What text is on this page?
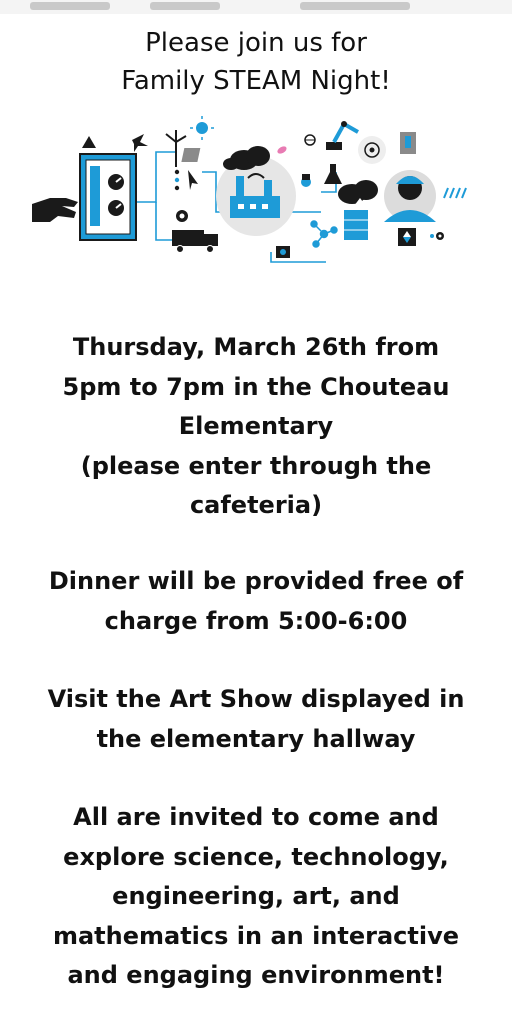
Please join us for
Family STEAM Night!
Thursday, March 26th from
5pm to 7pm in the Chouteau
Elementary
(please enter through the
cafeteria)
Dinner will be provided free of
charge from 5:00-6:00
Visit the Art Show displayed in
the elementary hallway
All are invited to come and
explore science, technology,
engineering, art, and
mathematics in an interactive
and engaging environment!
